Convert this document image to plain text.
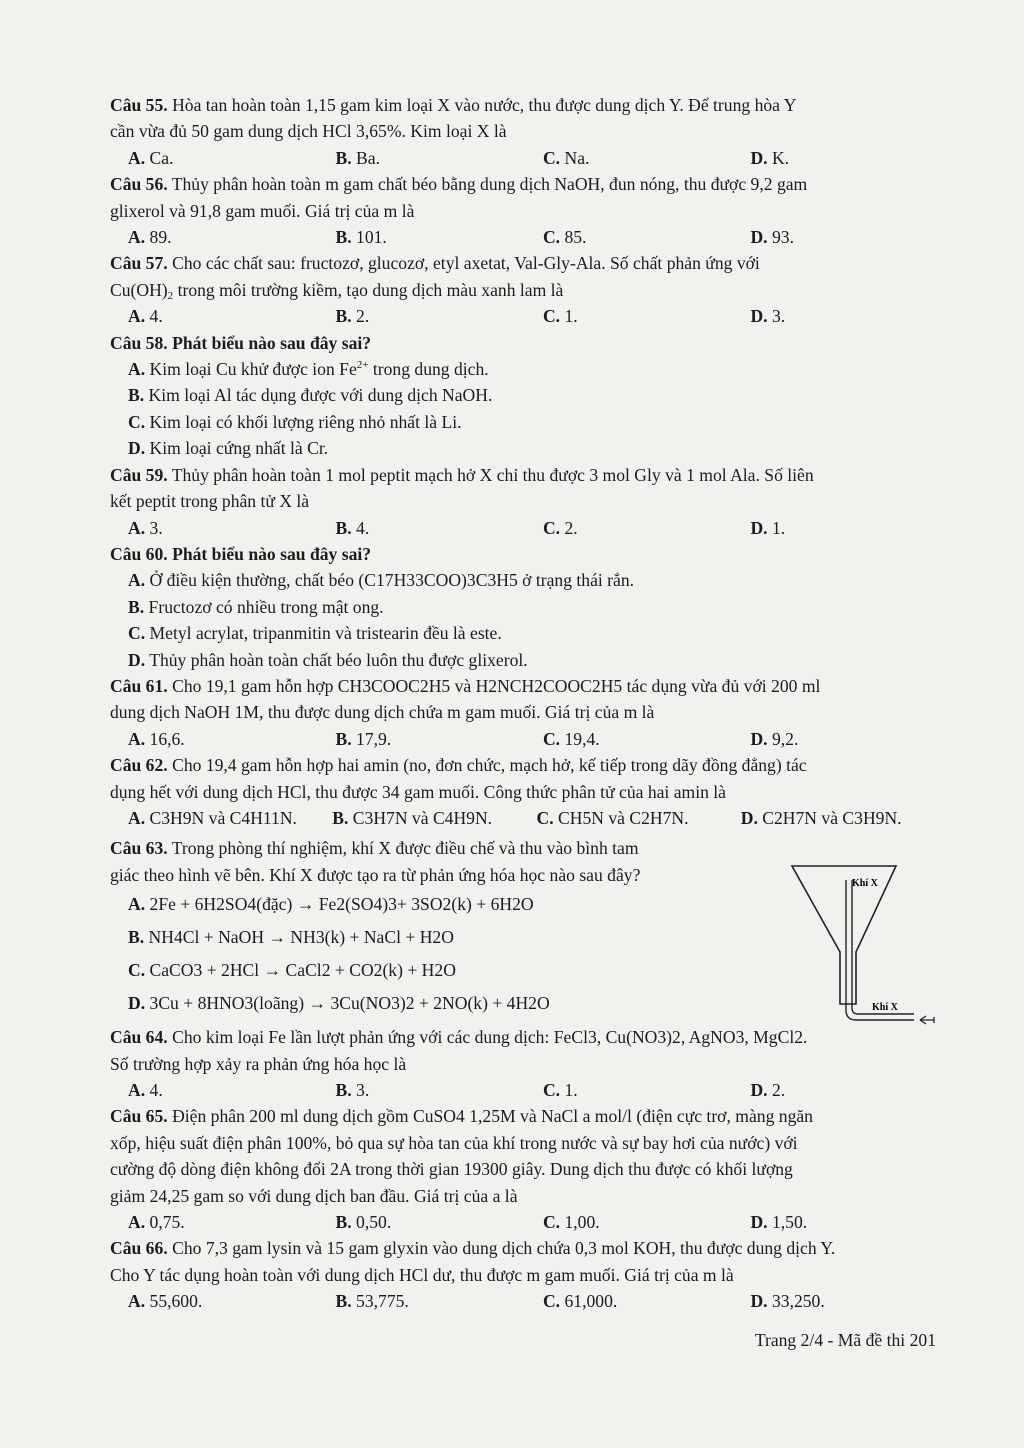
Câu 55. Hòa tan hoàn toàn 1,15 gam kim loại X vào nước, thu được dung dịch Y. Để trung hòa Y

cần vừa đủ 50 gam dung dịch HCl 3,65%. Kim loại X là

A. Ca.	B. Ba.	C. Na.	D. K.

Câu 56. Thủy phân hoàn toàn m gam chất béo bằng dung dịch NaOH, đun nóng, thu được 9,2 gam

glixerol và 91,8 gam muối. Giá trị của m là

A. 89.	B. 101.	C. 85.	D. 93.

Câu 57. Cho các chất sau: fructozơ, glucozơ, etyl axetat, Val-Gly-Ala. Số chất phản ứng với

$Cu(OH)_2$ trong môi trường kiềm, tạo dung dịch màu xanh lam là

A. 4.	B. 2.	C. 1.	D. 3.

Câu 58. Phát biểu nào sau đây sai?

A. Kim loại Cu khử được ion $Fe^{2+}$ trong dung dịch.

B. Kim loại Al tác dụng được với dung dịch NaOH.

C. Kim loại có khối lượng riêng nhỏ nhất là Li.

D. Kim loại cứng nhất là Cr.

Câu 59. Thủy phân hoàn toàn 1 mol peptit mạch hở X chỉ thu được 3 mol Gly và 1 mol Ala. Số liên

kết peptit trong phân tử X là

A. 3.	B. 4.	C. 2.	D. 1.

Câu 60. Phát biểu nào sau đây sai?

A. Ở điều kiện thường, chất béo (C17H33COO)3C3H5 ở trạng thái rắn.

B. Fructozơ có nhiều trong mật ong.

C. Metyl acrylat, tripanmitin và tristearin đều là este.

D. Thủy phân hoàn toàn chất béo luôn thu được glixerol.

Câu 61. Cho 19,1 gam hỗn hợp CH3COOC2H5 và H2NCH2COOC2H5 tác dụng vừa đủ với 200 ml

dung dịch NaOH 1M, thu được dung dịch chứa m gam muối. Giá trị của m là

A. 16,6.	B. 17,9.	C. 19,4.	D. 9,2.

Câu 62. Cho 19,4 gam hỗn hợp hai amin (no, đơn chức, mạch hở, kế tiếp trong dãy đồng đẳng) tác

dụng hết với dung dịch HCl, thu được 34 gam muối. Công thức phân tử của hai amin là

A. C3H9N và C4H11N.	B. C3H7N và C4H9N.	C. CH5N và C2H7N.	D. C2H7N và C3H9N.

Câu 63. Trong phòng thí nghiệm, khí X được điều chế và thu vào bình tam

giác theo hình vẽ bên. Khí X được tạo ra từ phản ứng hóa học nào sau đây?

A. 2Fe + 6H2SO4(đặc) → Fe2(SO4)3+ 3SO2(k) + 6H2O

B. NH4Cl + NaOH → NH3(k) + NaCl + H2O

C. CaCO3 + 2HCl → CaCl2 + CO2(k) + H2O

D. 3Cu + 8HNO3(loãng) → 3Cu(NO3)2 + 2NO(k) + 4H2O

Câu 64. Cho kim loại Fe lần lượt phản ứng với các dung dịch: FeCl3, Cu(NO3)2, AgNO3, MgCl2.

Số trường hợp xảy ra phản ứng hóa học là

A. 4.	B. 3.	C. 1.	D. 2.

Câu 65. Điện phân 200 ml dung dịch gồm CuSO4 1,25M và NaCl a mol/l (điện cực trơ, màng ngăn

xốp, hiệu suất điện phân 100%, bỏ qua sự hòa tan của khí trong nước và sự bay hơi của nước) với

cường độ dòng điện không đổi 2A trong thời gian 19300 giây. Dung dịch thu được có khối lượng

giảm 24,25 gam so với dung dịch ban đầu. Giá trị của a là

A. 0,75.	B. 0,50.	C. 1,00.	D. 1,50.

Câu 66. Cho 7,3 gam lysin và 15 gam glyxin vào dung dịch chứa 0,3 mol KOH, thu được dung dịch Y.

Cho Y tác dụng hoàn toàn với dung dịch HCl dư, thu được m gam muối. Giá trị của m là

A. 55,600.	B. 53,775.	C. 61,000.	D. 33,250.
Khí X
Khí X
Trang 2/4 - Mã đề thi 201
